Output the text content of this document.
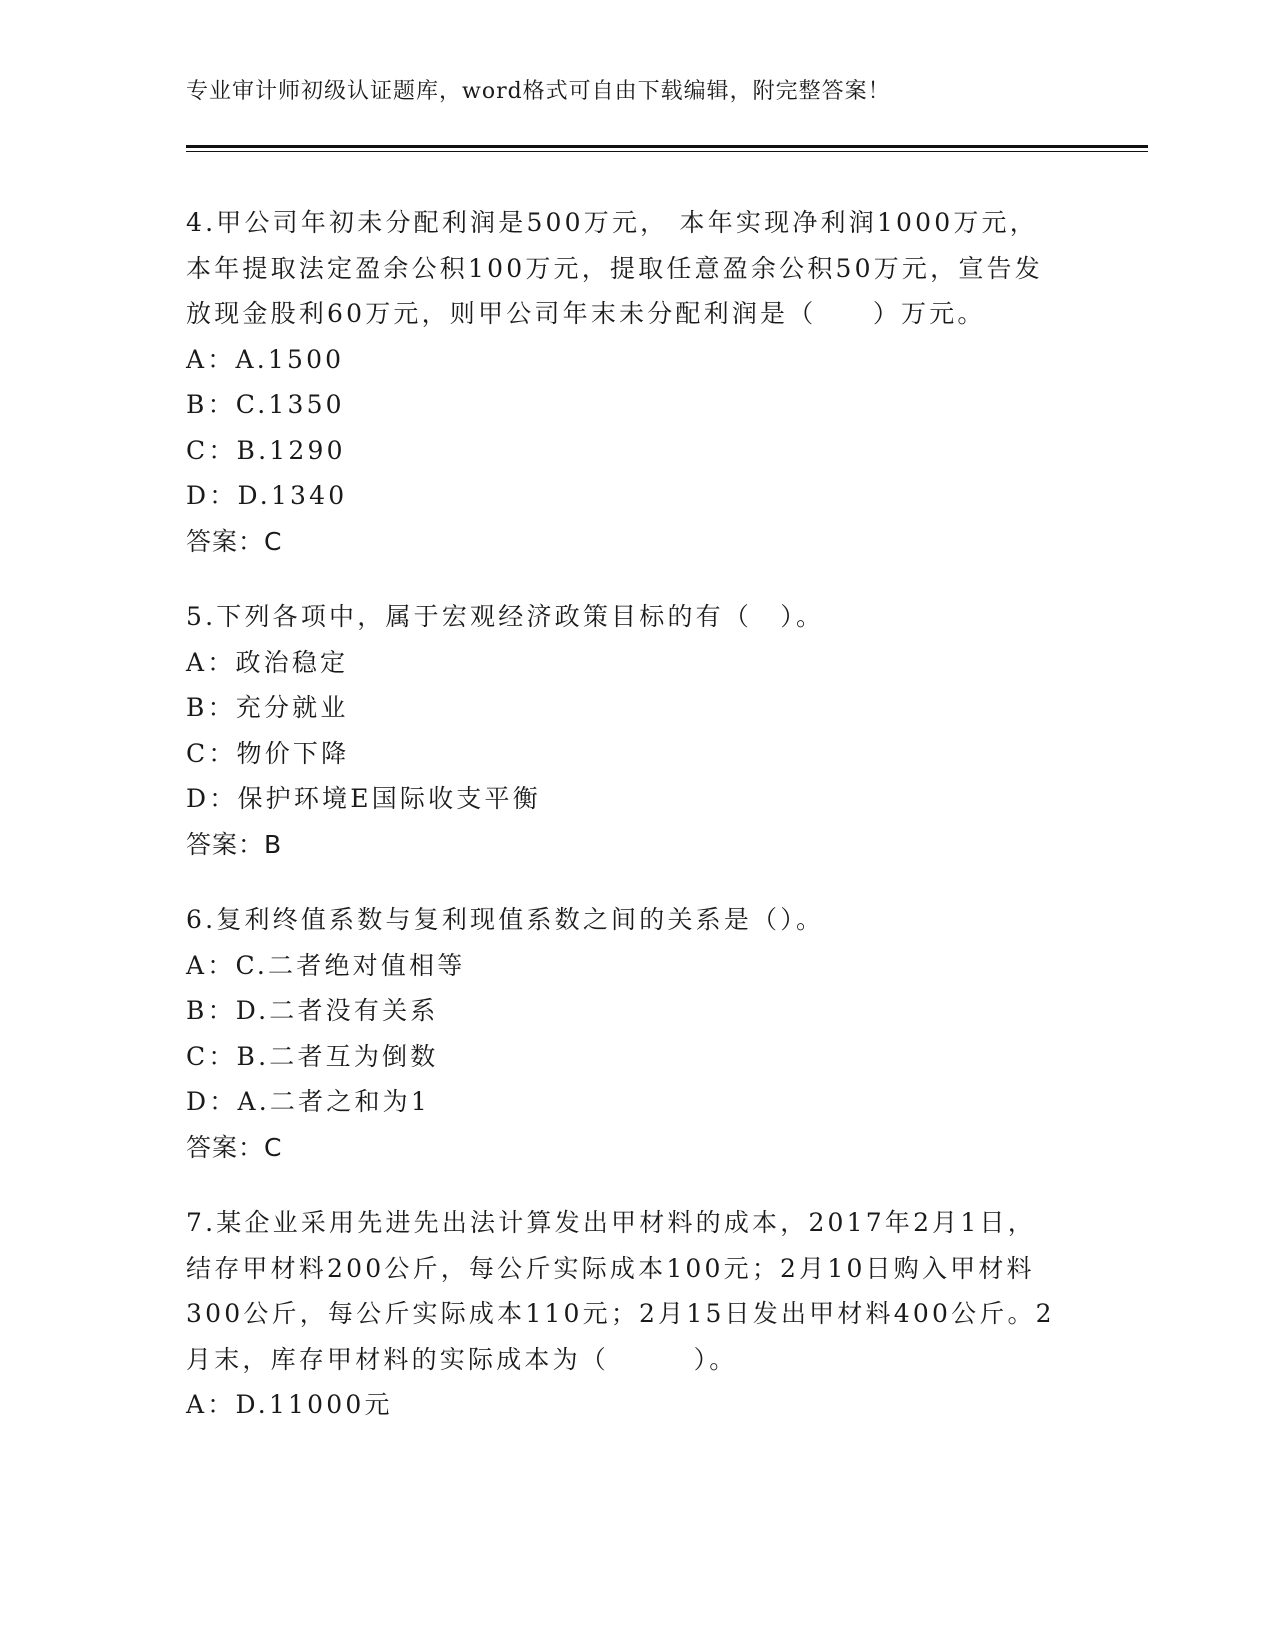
专业审计师初级认证题库，word格式可自由下载编辑，附完整答案！
4.甲公司年初未分配利润是500万元， 本年实现净利润1000万元，
本年提取法定盈余公积100万元，提取任意盈余公积50万元，宣告发
放现金股利60万元，则甲公司年末未分配利润是（　　）万元。
A：A.1500
B：C.1350
C：B.1290
D：D.1340
答案：C
5.下列各项中，属于宏观经济政策目标的有（　）。
A：政治稳定
B：充分就业
C：物价下降
D：保护环境E国际收支平衡
答案：B
6.复利终值系数与复利现值系数之间的关系是（）。
A：C.二者绝对值相等
B：D.二者没有关系
C：B.二者互为倒数
D：A.二者之和为1
答案：C
7.某企业采用先进先出法计算发出甲材料的成本，2017年2月1日，
结存甲材料200公斤，每公斤实际成本100元；2月10日购入甲材料
300公斤，每公斤实际成本110元；2月15日发出甲材料400公斤。2
月末，库存甲材料的实际成本为（　　　）。
A：D.11000元
